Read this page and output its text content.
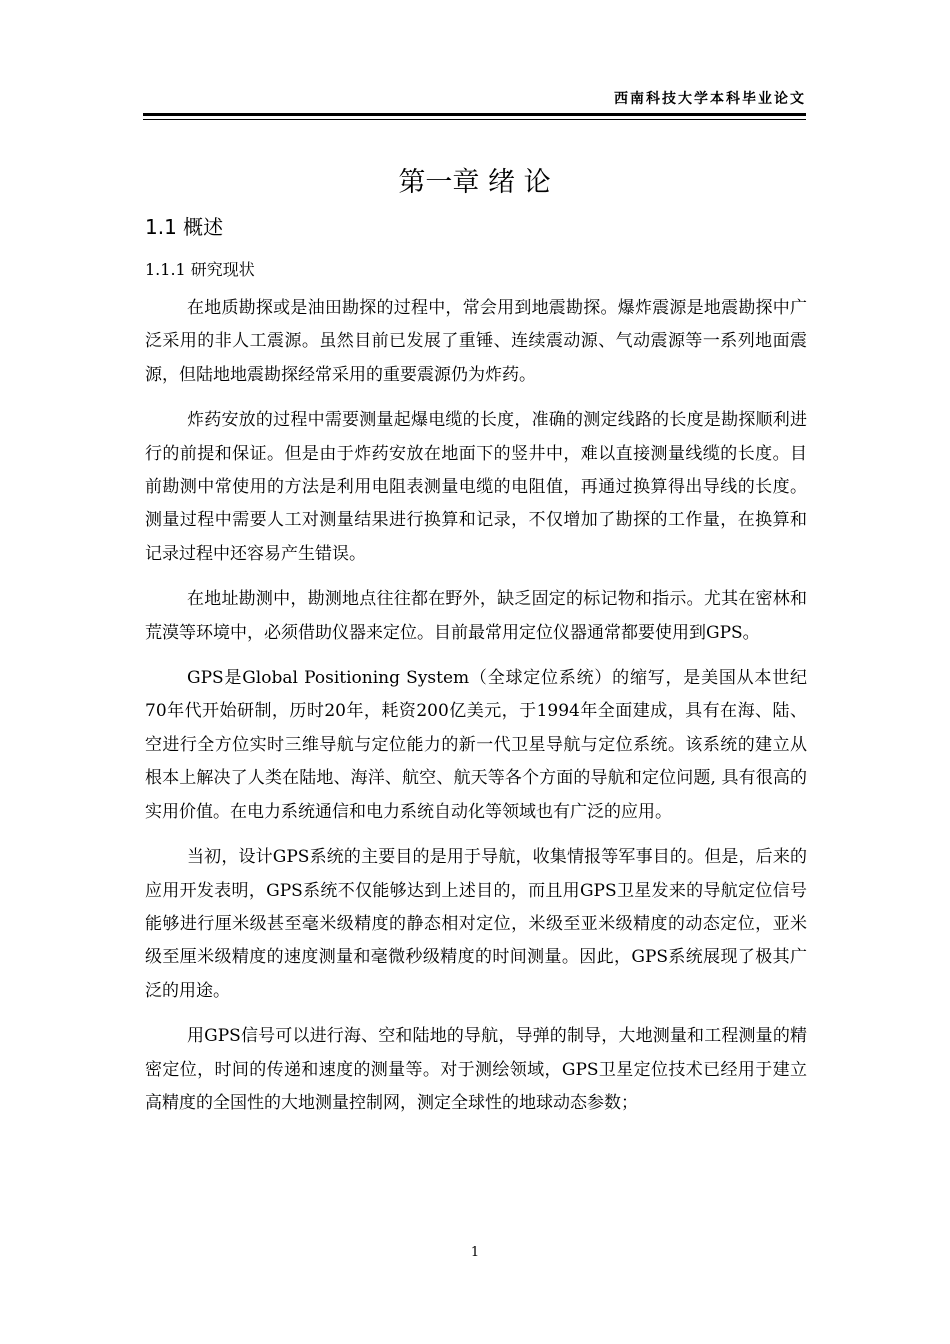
西南科技大学本科毕业论文
第一章 绪 论
1.1 概述
1.1.1 研究现状

在地质勘探或是油田勘探的过程中，常会用到地震勘探。爆炸震源是地震勘探中广泛采用的非人工震源。虽然目前已发展了重锤、连续震动源、气动震源等一系列地面震源，但陆地地震勘探经常采用的重要震源仍为炸药。

炸药安放的过程中需要测量起爆电缆的长度，准确的测定线路的长度是勘探顺利进行的前提和保证。但是由于炸药安放在地面下的竖井中，难以直接测量线缆的长度。目前勘测中常使用的方法是利用电阻表测量电缆的电阻值，再通过换算得出导线的长度。测量过程中需要人工对测量结果进行换算和记录，不仅增加了勘探的工作量，在换算和记录过程中还容易产生错误。

在地址勘测中，勘测地点往往都在野外，缺乏固定的标记物和指示。尤其在密林和荒漠等环境中，必须借助仪器来定位。目前最常用定位仪器通常都要使用到GPS。

GPS是Global Positioning System（全球定位系统）的缩写，是美国从本世纪70年代开始研制，历时20年，耗资200亿美元，于1994年全面建成，具有在海、陆、空进行全方位实时三维导航与定位能力的新一代卫星导航与定位系统。该系统的建立从根本上解决了人类在陆地、海洋、航空、航天等各个方面的导航和定位问题, 具有很高的实用价值。在电力系统通信和电力系统自动化等领域也有广泛的应用。

当初，设计GPS系统的主要目的是用于导航，收集情报等军事目的。但是，后来的应用开发表明，GPS系统不仅能够达到上述目的，而且用GPS卫星发来的导航定位信号能够进行厘米级甚至毫米级精度的静态相对定位，米级至亚米级精度的动态定位，亚米级至厘米级精度的速度测量和毫微秒级精度的时间测量。因此，GPS系统展现了极其广泛的用途。

用GPS信号可以进行海、空和陆地的导航，导弹的制导，大地测量和工程测量的精密定位，时间的传递和速度的测量等。对于测绘领域，GPS卫星定位技术已经用于建立高精度的全国性的大地测量控制网，测定全球性的地球动态参数；

1
